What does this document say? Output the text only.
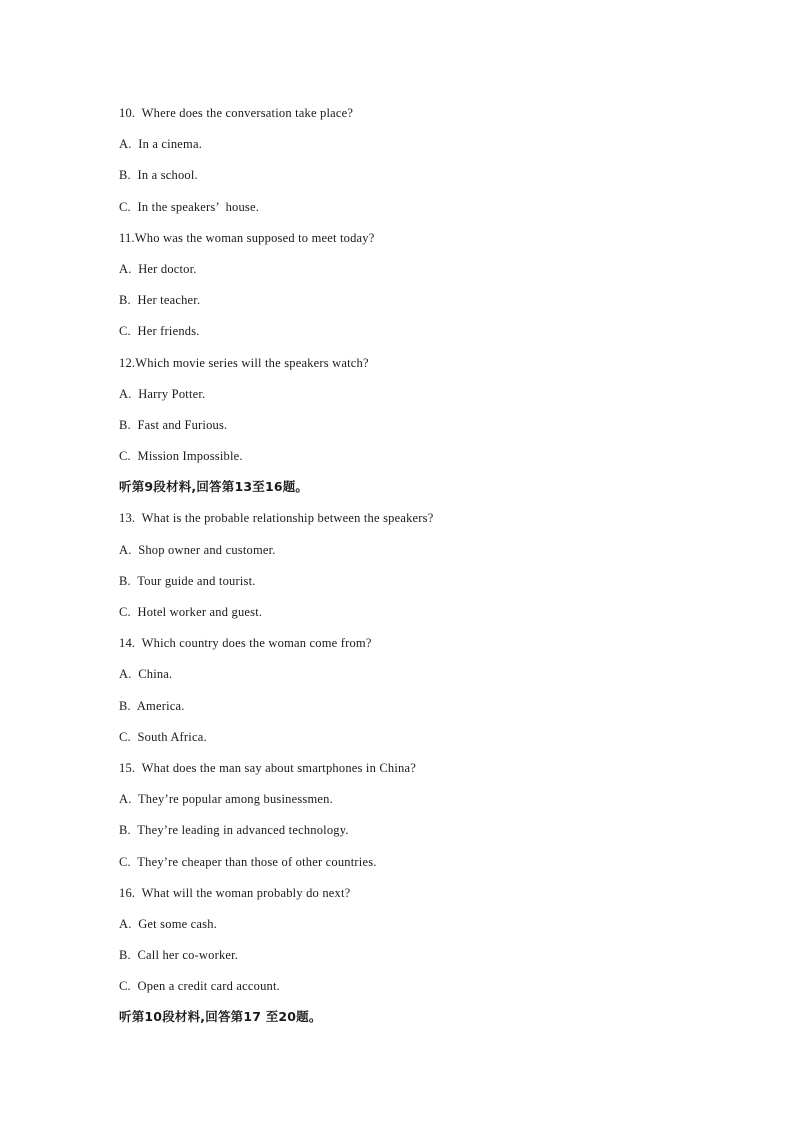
10.  Where does the conversation take place?
A.  In a cinema.
B.  In a school.
C.  In the speakers’  house.
11.Who was the woman supposed to meet today?
A.  Her doctor.
B.  Her teacher.
C.  Her friends.
12.Which movie series will the speakers watch?
A.  Harry Potter.
B.  Fast and Furious.
C.  Mission Impossible.
听第9段材料,回答第13至16题。
13.  What is the probable relationship between the speakers?
A.  Shop owner and customer.
B.  Tour guide and tourist.
C.  Hotel worker and guest.
14.  Which country does the woman come from?
A.  China.
B.  America.
C.  South Africa.
15.  What does the man say about smartphones in China?
A.  They’re popular among businessmen.
B.  They’re leading in advanced technology.
C.  They’re cheaper than those of other countries.
16.  What will the woman probably do next?
A.  Get some cash.
B.  Call her co-worker.
C.  Open a credit card account.
听第10段材料,回答第17 至20题。
